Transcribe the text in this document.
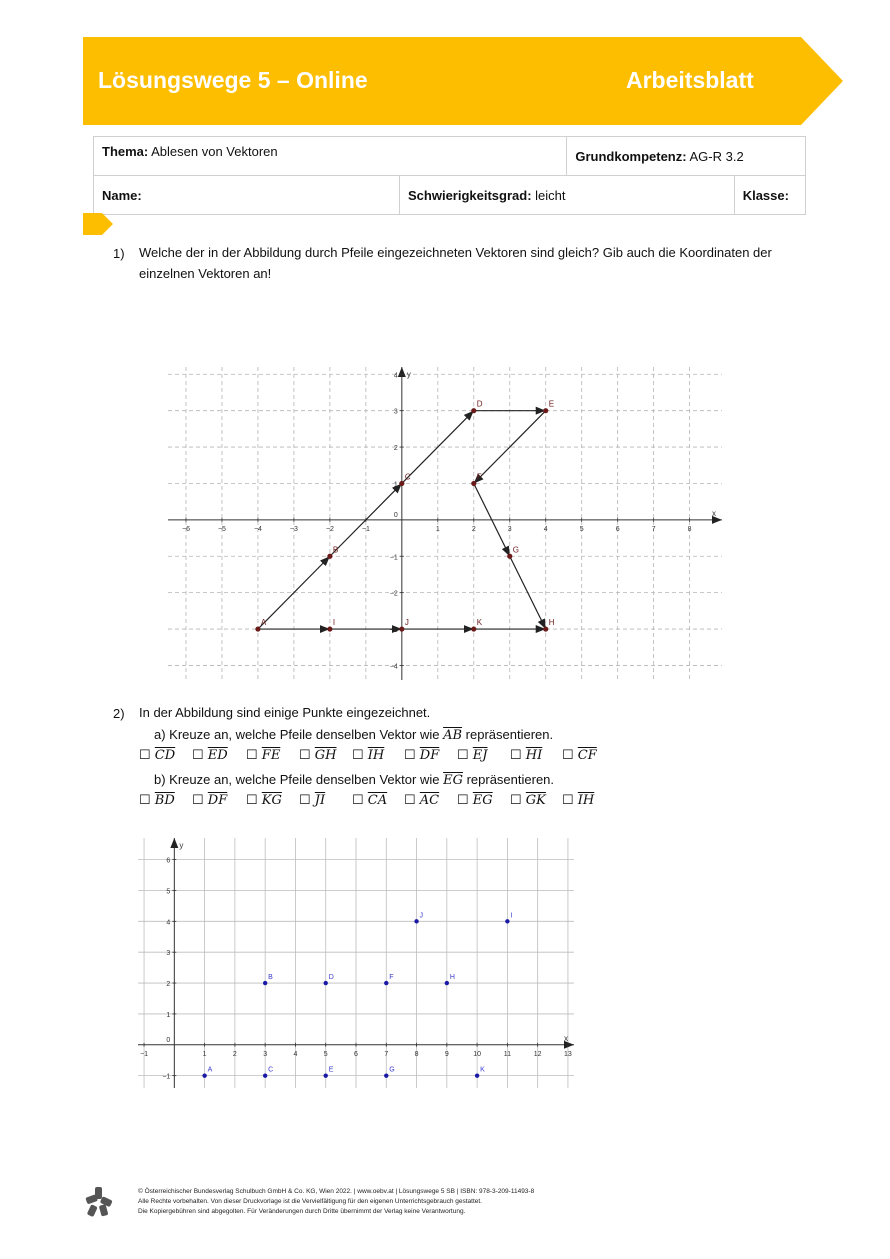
Lösungswege 5 – Online	Arbeitsblatt
Thema: Ablesen von Vektoren		Grundkompetenz: AG-R 3.2	
Name:	Schwierigkeitsgrad: leicht		Klasse:
1) Welche der in der Abbildung durch Pfeile eingezeichneten Vektoren sind gleich? Gib auch die Koordinaten der
einzelnen Vektoren an!
x
y
0
−6	−5	−4	−3	−2	−1	1	2	3	4	5	6	7	8
−4
−3
−2
−1
1
2
3
4
A
B
C
D	E
F
G
H
I	J	K
2) In der Abbildung sind einige Punkte eingezeichnet.
a) Kreuze an, welche Pfeile denselben Vektor wie $\overline{AB}$ repräsentieren.
☐ $\overline{CD}$ ☐ $\overline{ED}$ ☐ $\overline{FE}$ ☐ $\overline{GH}$ ☐ $\overline{IH}$ ☐ $\overline{DF}$ ☐ $\overline{EJ}$ ☐ $\overline{HI}$ ☐ $\overline{CF}$
b) Kreuze an, welche Pfeile denselben Vektor wie $\overline{EG}$ repräsentieren.
☐ $\overline{BD}$ ☐ $\overline{DF}$ ☐ $\overline{KG}$ ☐ $\overline{JI}$ ☐ $\overline{CA}$ ☐ $\overline{AC}$ ☐ $\overline{EG}$ ☐ $\overline{GK}$ ☐ $\overline{IH}$
x
y
0
−1	1	2	3	4	5	6	7	8	9	10	11	12	13
−1
1
2
3
4
5
6
A
B
C
D
E
F
G
H
I
J
K
© Österreichischer Bundesverlag Schulbuch GmbH & Co. KG, Wien 2022. | www.oebv.at | Lösungswege 5 SB | ISBN: 978-3-209-11493-8
Alle Rechte vorbehalten. Von dieser Druckvorlage ist die Vervielfältigung für den eigenen Unterrichtsgebrauch gestattet.
Die Kopiergebühren sind abgegolten. Für Veränderungen durch Dritte übernimmt der Verlag keine Verantwortung.
